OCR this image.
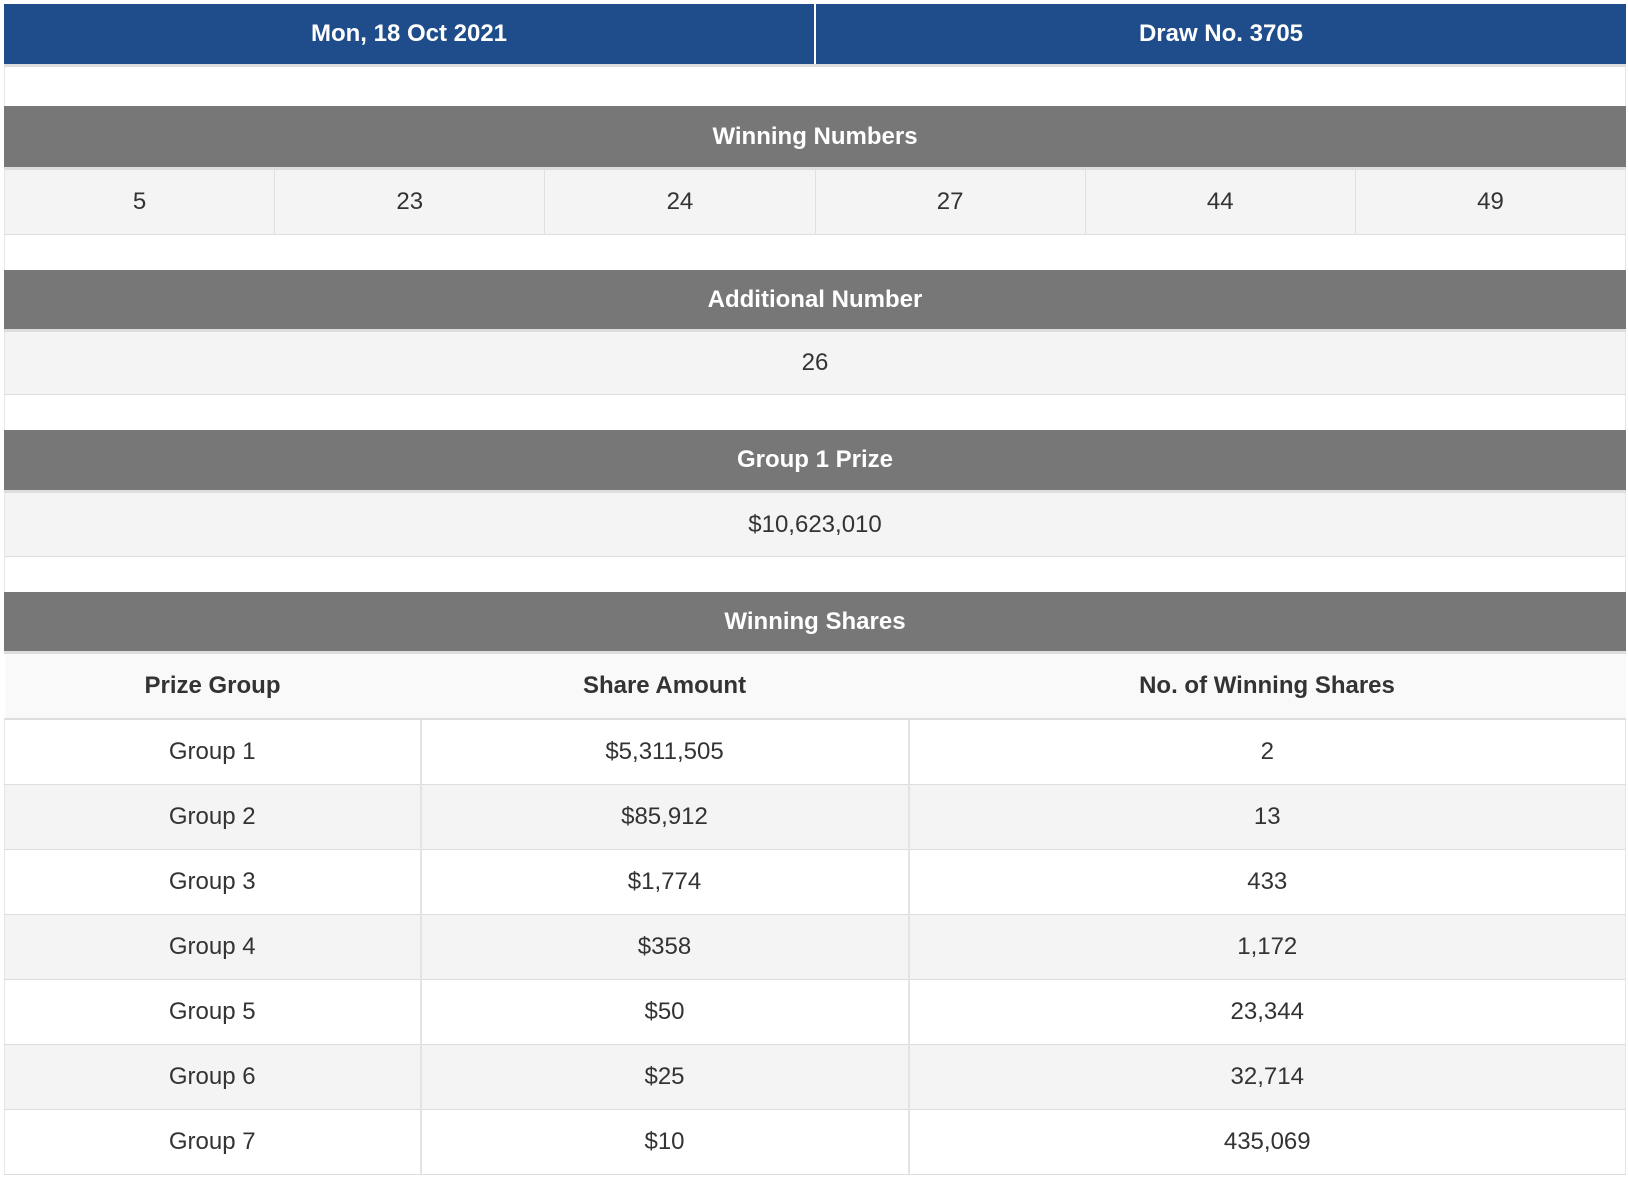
Mon, 18 Oct 2021	Draw No. 3705
Winning Numbers
5	23	24	27	44	49
Additional Number
26
Group 1 Prize
$10,623,010
Winning Shares
Prize Group	Share Amount	No. of Winning Shares
Group 1	$5,311,505	2
Group 2	$85,912	13
Group 3	$1,774	433
Group 4	$358	1,172
Group 5	$50	23,344
Group 6	$25	32,714
Group 7	$10	435,069
